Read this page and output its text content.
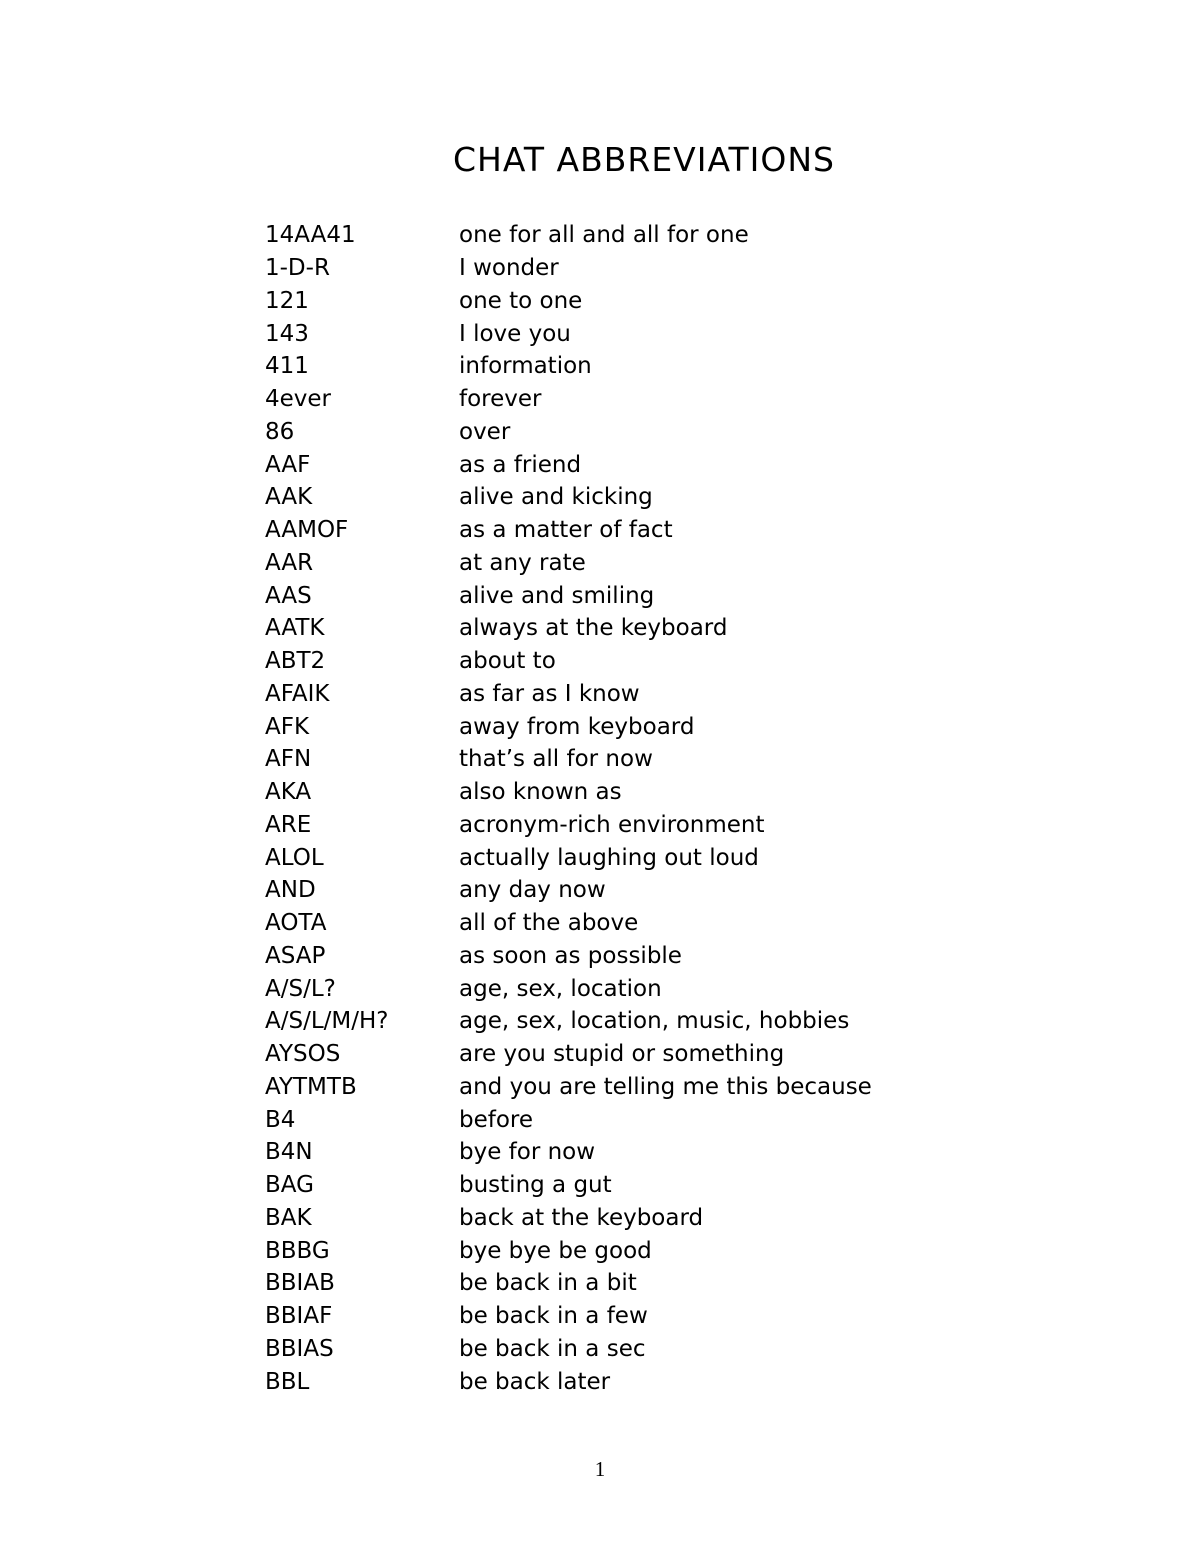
CHAT ABBREVIATIONS
14AA41	one for all and all for one
1-D-R	I wonder
121	one to one
143	I love you
411	information
4ever	forever
86	over
AAF	as a friend
AAK	alive and kicking
AAMOF	as a matter of fact
AAR	at any rate
AAS	alive and smiling
AATK	always at the keyboard
ABT2	about to
AFAIK	as far as I know
AFK	away from keyboard
AFN	that’s all for now
AKA	also known as
ARE	acronym-rich environment
ALOL	actually laughing out loud
AND	any day now
AOTA	all of the above
ASAP	as soon as possible
A/S/L?	age, sex, location
A/S/L/M/H?	age, sex, location, music, hobbies
AYSOS	are you stupid or something
AYTMTB	and you are telling me this because
B4	before
B4N	bye for now
BAG	busting a gut
BAK	back at the keyboard
BBBG	bye bye be good
BBIAB	be back in a bit
BBIAF	be back in a few
BBIAS	be back in a sec
BBL	be back later
1
